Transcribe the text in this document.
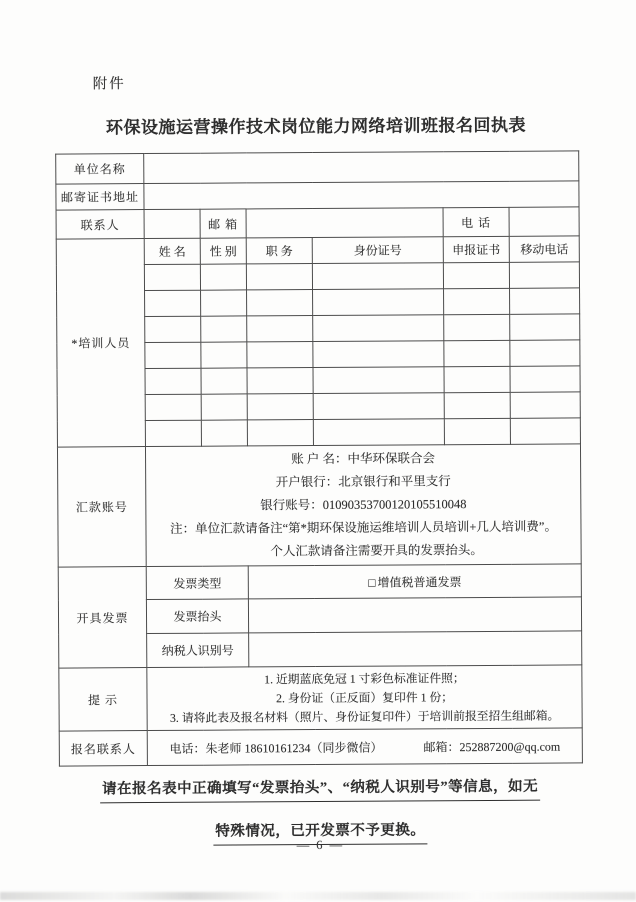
附件
环保设施运营操作技术岗位能力网络培训班报名回执表
单位名称						
邮寄证书地址						
联系人		邮 箱			电 话	
*培训人员	姓 名	性 别	职 务	身份证号	申报证书	移动电话

汇款账号	账 户 名：中华环保联合会
开户银行：北京银行和平里支行
银行账号：01090353700120105510048
注：单位汇款请备注“第*期环保设施运维培训人员培训+几人培训费”。
个人汇款请备注需要开具的发票抬头。					

开具发票	发票类型		□ 增值税普通发票			
	发票抬头					
	纳税人识别号					
提 示	1. 近期蓝底免冠 1 寸彩色标准证件照；
2. 身份证（正反面）复印件 1 份；
3. 请将此表及报名材料（照片、身份证复印件）于培训前报至招生组邮箱。					

报名联系人	电话：朱老师 18610161234（同步微信） 邮箱：252887200@qq.com					
请在报名表中正确填写“发票抬头”、“纳税人识别号”等信息，如无
特殊情况，已开发票不予更换。
— 6 —
